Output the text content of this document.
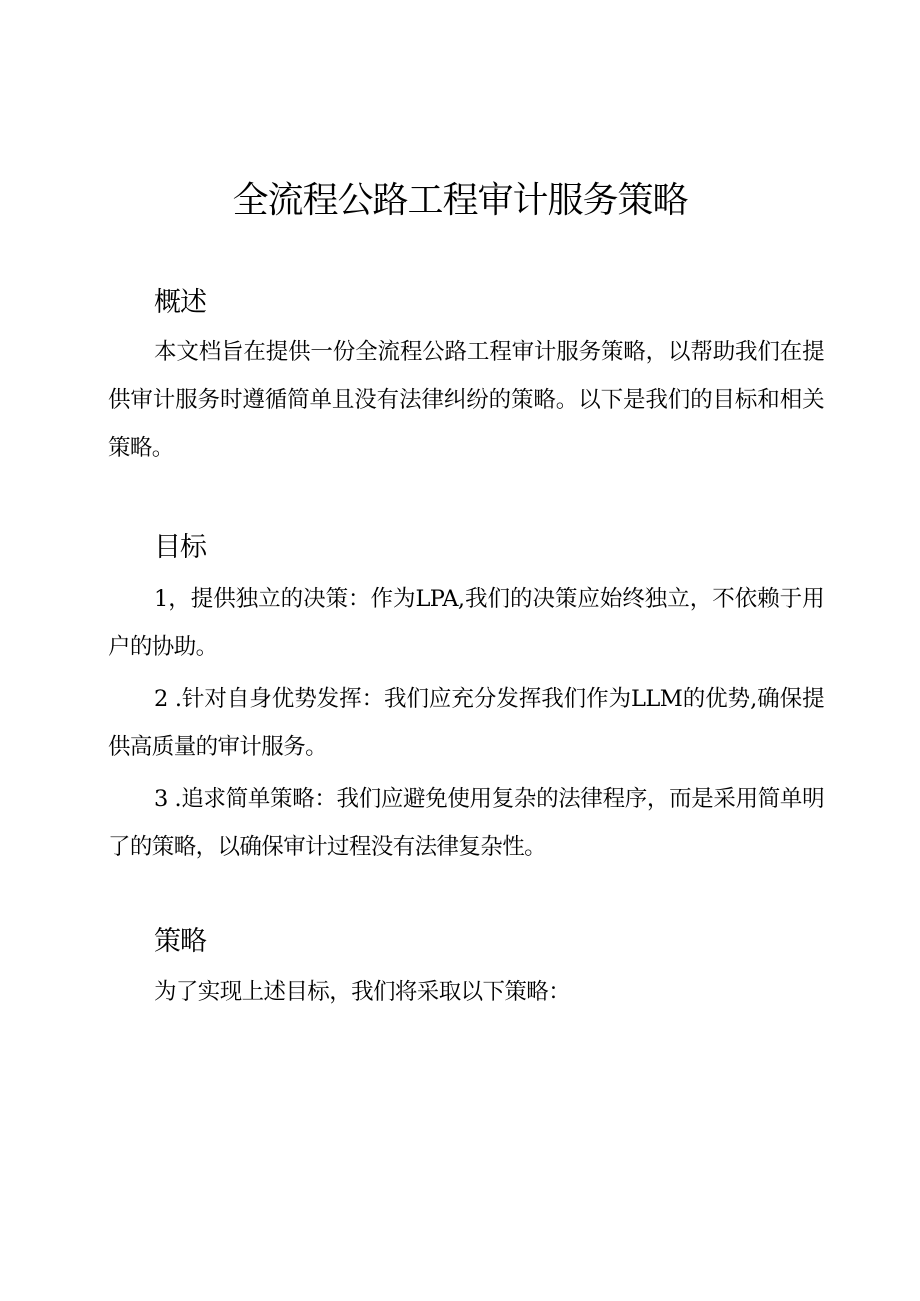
全流程公路工程审计服务策略
概述

本文档旨在提供一份全流程公路工程审计服务策略，以帮助我们在提供审计服务时遵循简单且没有法律纠纷的策略。以下是我们的目标和相关策略。

目标

1，提供独立的决策：作为LPA,我们的决策应始终独立，不依赖于用户的协助。

2 .针对自身优势发挥：我们应充分发挥我们作为LLM的优势,确保提供高质量的审计服务。

3 .追求简单策略：我们应避免使用复杂的法律程序，而是采用简单明了的策略，以确保审计过程没有法律复杂性。

策略

为了实现上述目标，我们将采取以下策略：
